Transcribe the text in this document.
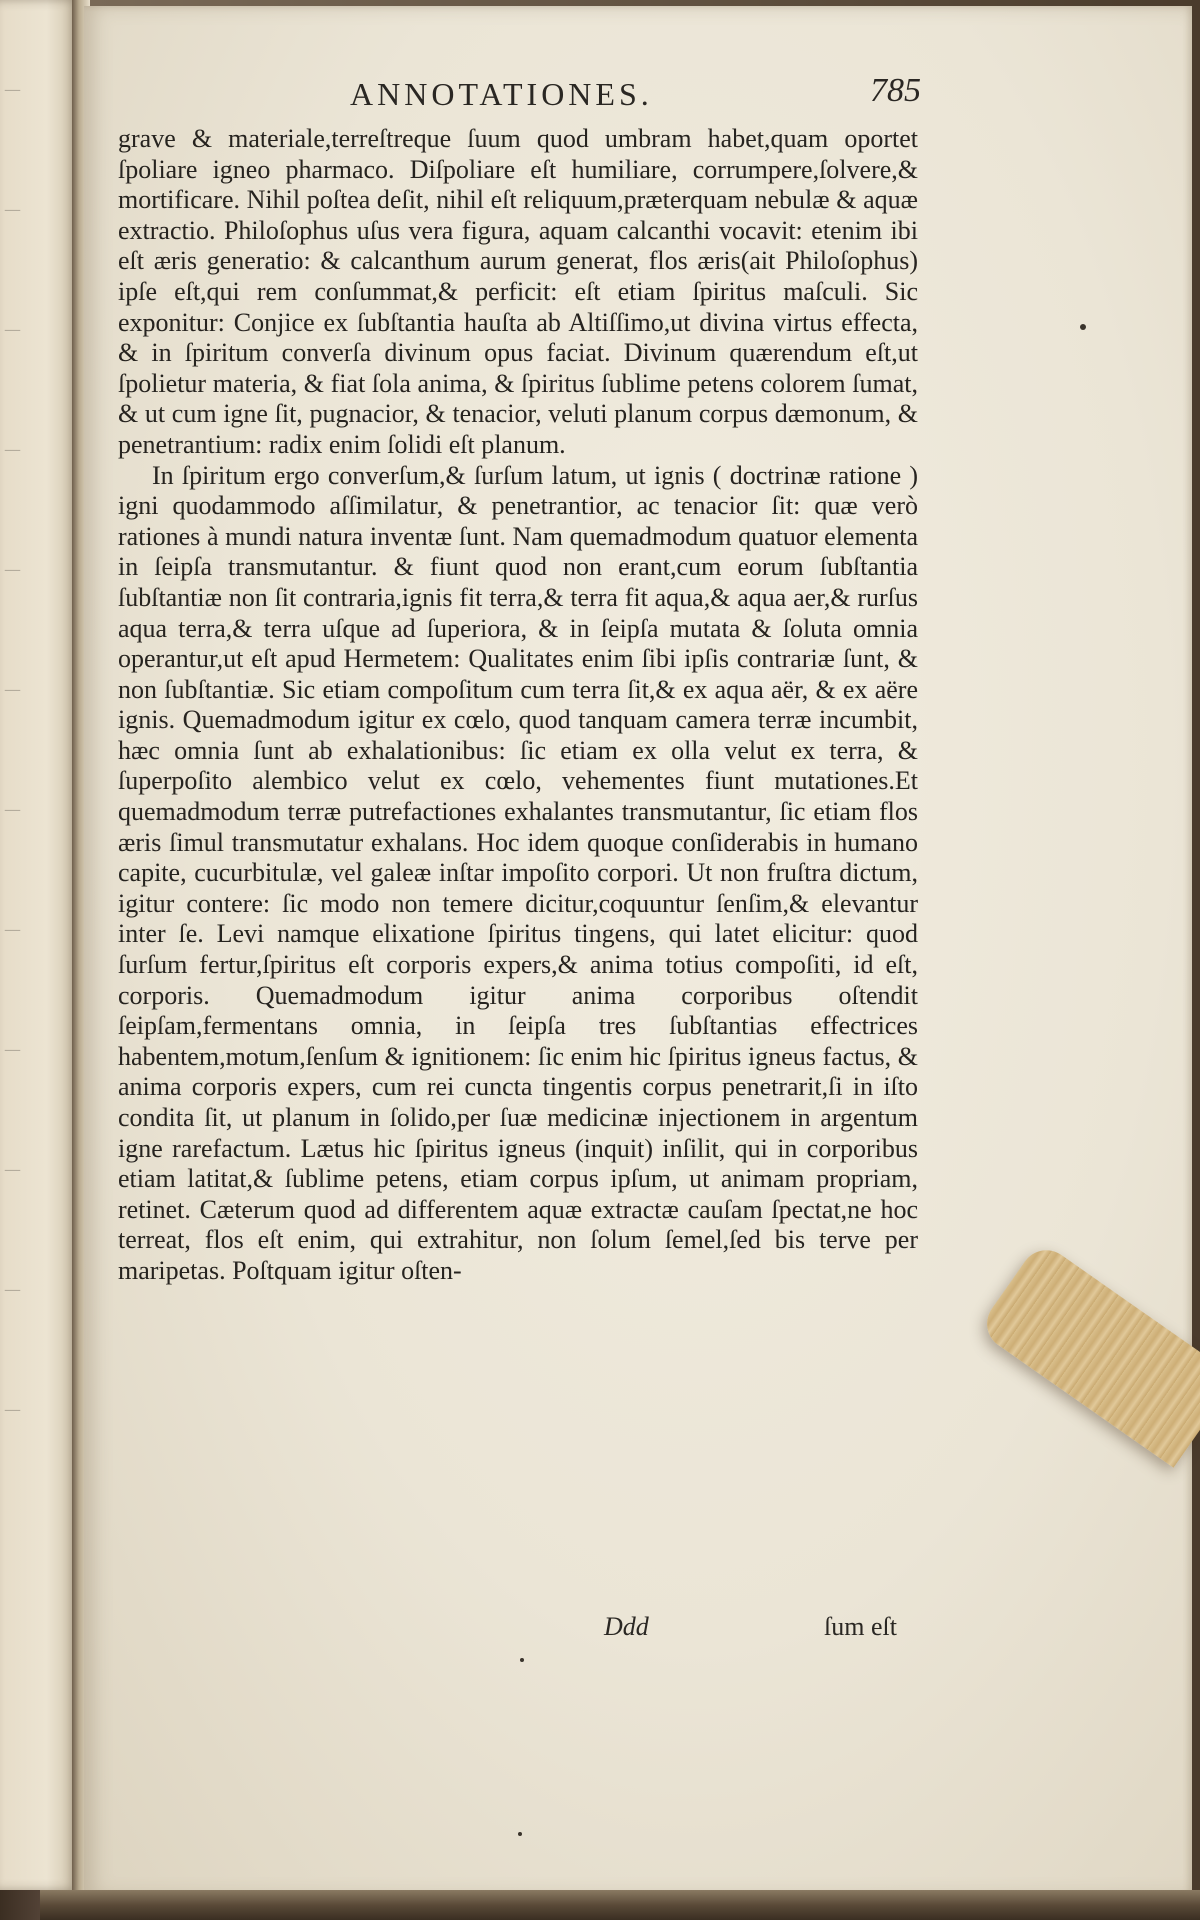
—
—
—
—
—
—
—
—
—
—
—
—
ANNOTATIONES.	785

grave & materiale,terreſtreque ſuum quod umbram habet,quam oportet ſpoliare igneo pharmaco. Diſpoliare eſt humiliare, corrumpere,ſolvere,& mortificare. Nihil poſtea deſit, nihil eſt reliquum,præterquam nebulæ & aquæ extractio. Philoſophus uſus vera figura, aquam calcanthi vocavit: etenim ibi eſt æris generatio: & calcanthum aurum generat, flos æris(ait Philoſophus) ipſe eſt,qui rem conſummat,& perficit: eſt etiam ſpiritus maſculi. Sic exponitur: Conjice ex ſubſtantia hauſta ab Altiſſimo,ut divina virtus effecta, & in ſpiritum converſa divinum opus faciat. Divinum quærendum eſt,ut ſpolietur materia, & fiat ſola anima, & ſpiritus ſublime petens colorem ſumat, & ut cum igne ſit, pugnacior, & tenacior, veluti planum corpus dæmonum, & penetrantium: radix enim ſolidi eſt planum.

In ſpiritum ergo converſum,& ſurſum latum, ut ignis ( doctrinæ ratione ) igni quodammodo aſſimilatur, & penetrantior, ac tenacior ſit: quæ verò rationes à mundi natura inventæ ſunt. Nam quemadmodum quatuor elementa in ſeipſa transmutantur. & fiunt quod non erant,cum eorum ſubſtantia ſubſtantiæ non ſit contraria,ignis fit terra,& terra fit aqua,& aqua aer,& rurſus aqua terra,& terra uſque ad ſuperiora, & in ſeipſa mutata & ſoluta omnia operantur,ut eſt apud Hermetem: Qualitates enim ſibi ipſis contrariæ ſunt, & non ſubſtantiæ. Sic etiam compoſitum cum terra ſit,& ex aqua aër, & ex aëre ignis. Quemadmodum igitur ex cœlo, quod tanquam camera terræ incumbit, hæc omnia ſunt ab exhalationibus: ſic etiam ex olla velut ex terra, & ſuperpoſito alembico velut ex cœlo, vehementes fiunt mutationes.Et quemadmodum terræ putrefactiones exhalantes transmutantur, ſic etiam flos æris ſimul transmutatur exhalans. Hoc idem quoque conſiderabis in humano capite, cucurbitulæ, vel galeæ inſtar impoſito corpori. Ut non fruſtra dictum, igitur contere: ſic modo non temere dicitur,coquuntur ſenſim,& elevantur inter ſe. Levi namque elixatione ſpiritus tingens, qui latet elicitur: quod ſurſum fertur,ſpiritus eſt corporis expers,& anima totius compoſiti, id eſt, corporis. Quemadmodum igitur anima corporibus oſtendit ſeipſam,fermentans omnia, in ſeipſa tres ſubſtantias effectrices habentem,motum,ſenſum & ignitionem: ſic enim hic ſpiritus igneus factus, & anima corporis expers, cum rei cuncta tingentis corpus penetrarit,ſi in iſto condita ſit, ut planum in ſolido,per ſuæ medicinæ injectionem in argentum igne rarefactum. Lætus hic ſpiritus igneus (inquit) inſilit, qui in corporibus etiam latitat,& ſublime petens, etiam corpus ipſum, ut animam propriam, retinet. Cæterum quod ad differentem aquæ extractæ cauſam ſpectat,ne hoc terreat, flos eſt enim, qui extrahitur, non ſolum ſemel,ſed bis terve per maripetas. Poſtquam igitur oſten-

Ddd	ſum eſt
